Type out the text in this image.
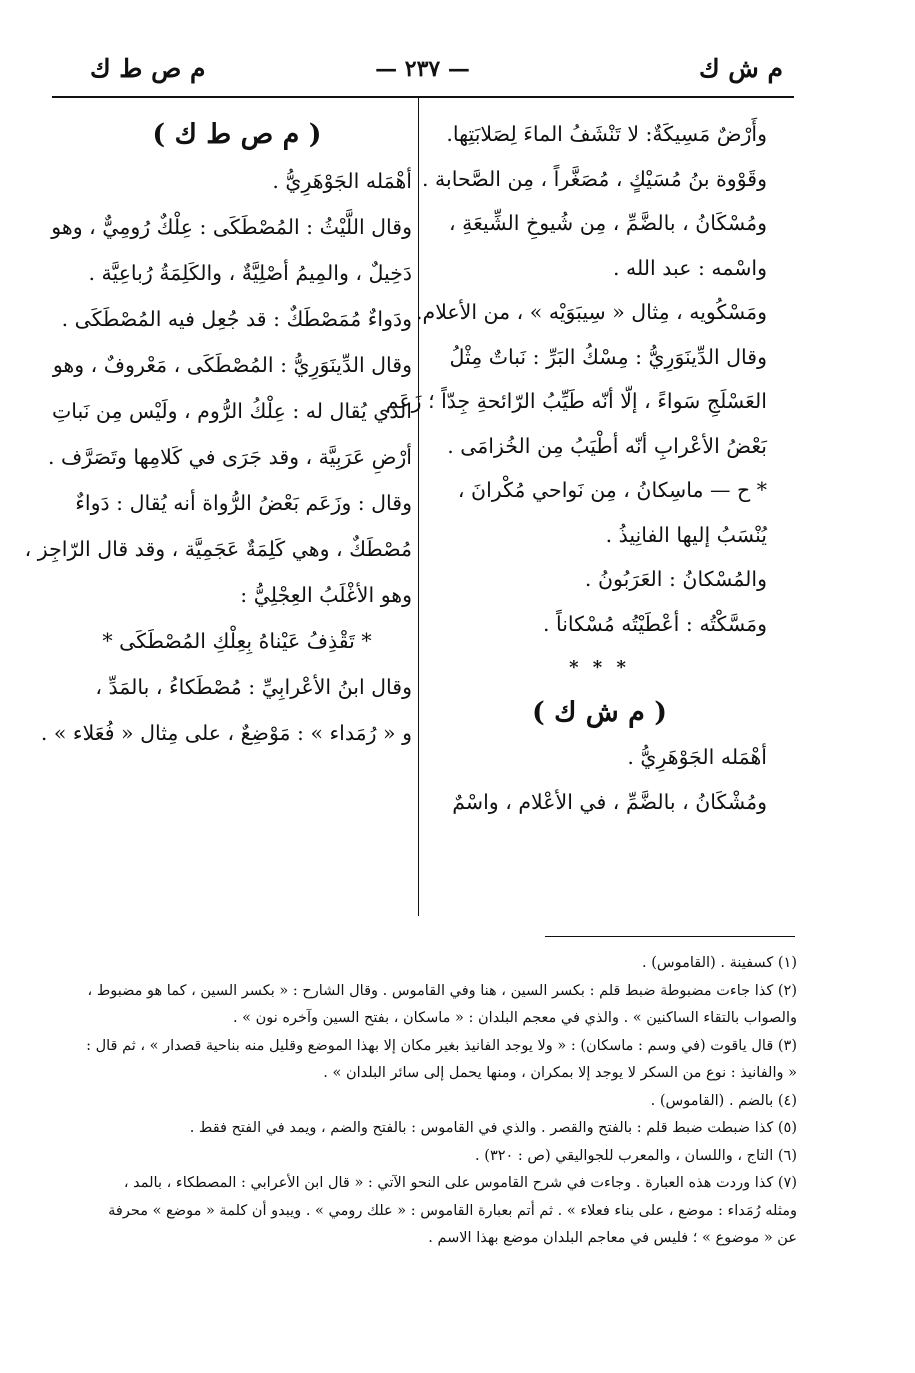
م ش ك
— ٢٣٧ —
م ص ط ك
وأَرْضٌ مَسِيكَةٌ: لا تَنْشَفُ الماءَ لِصَلابَتِها.
وقَوْوة بنُ مُسَيْكٍ ، مُصَغَّراً ، مِن الصَّحابة .
ومُسْكَانُ ، بالضَّمِّ ، مِن شُيوخِ الشِّيعَةِ ،
واسْمه : عبد الله .
ومَسْكُويه ، مِثال « سِيبَوَيْه » ، من الأعلام.
وقال الدِّينَوَرِيُّ : مِسْكُ البَرِّ : نَباتٌ مِثْلُ
العَسْلَجِ سَواءً ، إلّا أنّه طَيِّبُ الرّائحةِ جِدّاً ؛ زَعَم
بَعْضُ الأعْرابِ أنّه أطْيَبُ مِن الخُزامَى .
* ح — ماسِكانُ ، مِن نَواحي مُكْرانَ ،
يُنْسَبُ إليها الفانِيذُ .
والمُسْكانُ : العَرَبُونُ .
ومَسَّكْتُه : أعْطَيْتُه مُسْكاناً .
* * *
( م ش ك )
أهْمَله الجَوْهَرِيُّ .
ومُشْكَانُ ، بالضَّمِّ ، في الأعْلام ، واسْمٌ
( م ص ط ك )
أهْمَله الجَوْهَرِيُّ .
وقال اللَّيْثُ : المُصْطَكَى : عِلْكٌ رُومِيٌّ ، وهو
دَخِيلٌ ، والمِيمُ أصْلِيَّةٌ ، والكَلِمَةُ رُباعِيَّة .
ودَواءٌ مُمَصْطَكٌ : قد جُعِل فيه المُصْطَكَى .
وقال الدِّينَوَرِيُّ : المُصْطَكَى ، مَعْروفٌ ، وهو
الذي يُقال له : عِلْكُ الرُّوم ، ولَيْس مِن نَباتِ
أرْضِ عَرَبِيَّة ، وقد جَرَى في كَلامِها وتَصَرَّف .
وقال : وزَعَم بَعْضُ الرُّواة أنه يُقال : دَواءٌ
مُصْطَكٌ ، وهي كَلِمَةٌ عَجَمِيَّة ، وقد قال الرّاجِز ،
وهو الأغْلَبُ العِجْلِيُّ :
* تَقْذِفُ عَيْناهُ بِعِلْكِ المُصْطَكَى *
وقال ابنُ الأعْرابِيِّ : مُصْطَكاءُ ، بالمَدِّ ،
و « رُمَداء » : مَوْضِعٌ ، على مِثال « فُعَلاء » .
(١) كسفينة . (القاموس) .
(٢) كذا جاءت مضبوطة ضبط قلم : بكسر السين ، هنا وفي القاموس . وقال الشارح : « بكسر السين ، كما هو مضبوط ،
والصواب بالتقاء الساكنين » . والذي في معجم البلدان : « ماسكان ، بفتح السين وآخره نون » .
(٣) قال ياقوت (في وسم : ماسكان) : « ولا يوجد الفانيذ بغير مكان إلا بهذا الموضع وقليل منه بناحية قصدار » ، ثم قال :
« والفانيذ : نوع من السكر لا يوجد إلا بمكران ، ومنها يحمل إلى سائر البلدان » .
(٤) بالضم . (القاموس) .
(٥) كذا ضبطت ضبط قلم : بالفتح والقصر . والذي في القاموس : بالفتح والضم ، ويمد في الفتح فقط .
(٦) التاج ، واللسان ، والمعرب للجواليقي (ص : ٣٢٠) .
(٧) كذا وردت هذه العبارة . وجاءت في شرح القاموس على النحو الآتي : « قال ابن الأعرابي : المصطكاء ، بالمد ،
ومثله رُمَداء : موضع ، على بناء فعلاء » . ثم أتم بعبارة القاموس : « علك رومي » . ويبدو أن كلمة « موضع » محرفة
عن « موضوع » ؛ فليس في معاجم البلدان موضع بهذا الاسم .
